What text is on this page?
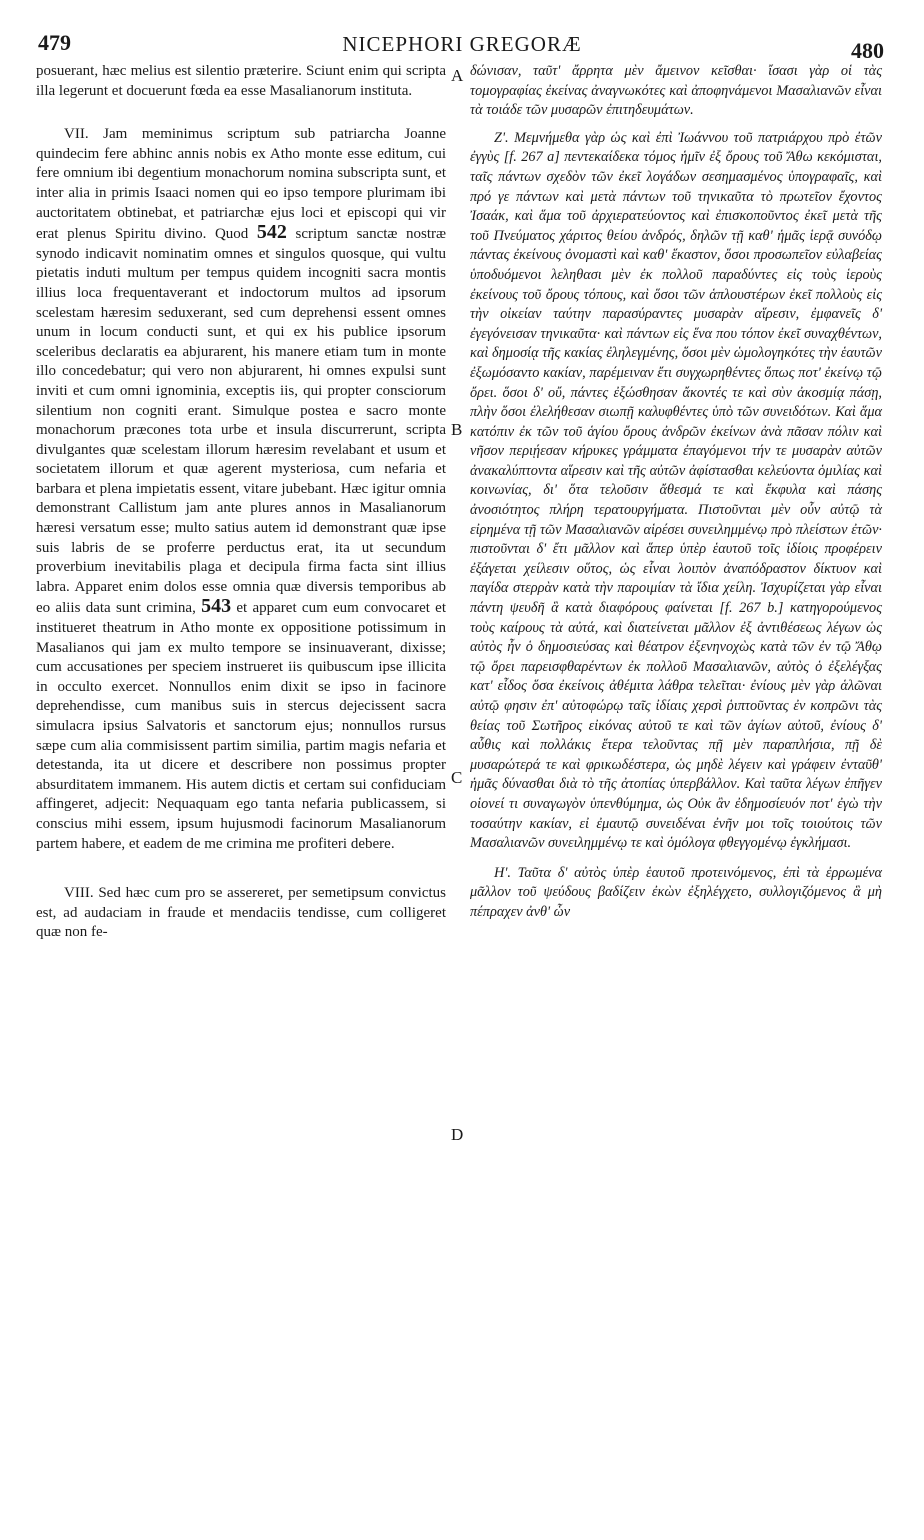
479	NICEPHORI GREGORÆ	480

posuerant, hæc melius est silentio præterire. Sciunt enim qui scripta illa legerunt et docuerunt fœda ea esse Masalianorum instituta.

VII. Jam meminimus scriptum sub patriarcha Joanne quindecim fere abhinc annis nobis ex Atho monte esse editum, cui fere omnium ibi degentium monachorum nomina subscripta sunt, et inter alia in primis Isaaci nomen qui eo ipso tempore plurimam ibi auctoritatem obtinebat, et patriarchæ ejus loci et episcopi qui vir erat plenus Spiritu divino. Quod 542 scriptum sanctæ nostræ synodo indicavit nominatim omnes et singulos quosque, qui vultu pietatis induti multum per tempus quidem incogniti sacra montis illius loca frequentaverant et indoctorum multos ad ipsorum scelestam hæresim seduxerant, sed cum deprehensi essent omnes unum in locum conducti sunt, et qui ex his publice ipsorum sceleribus declaratis ea abjurarent, his manere etiam tum in monte illo concedebatur; qui vero non abjurarent, hi omnes expulsi sunt inviti et cum omni ignominia, exceptis iis, qui propter consciorum silentium non cogniti erant. Simulque postea e sacro monte monachorum præcones tota urbe et insula discurrerunt, scripta divulgantes quæ scelestam illorum hæresim revelabant et usum et societatem illorum et quæ agerent mysteriosa, cum nefaria et barbara et plena impietatis essent, vitare jubebant. Hæc igitur omnia demonstrant Callistum jam ante plures annos in Masalianorum hæresi versatum esse; multo satius autem id demonstrant quæ ipse suis labris de se proferre perductus erat, ita ut secundum proverbium inevitabilis plaga et decipula firma facta sint illius labra. Apparet enim dolos esse omnia quæ diversis temporibus ab eo aliis data sunt crimina, 543 et apparet cum eum convocaret et institueret theatrum in Atho monte ex oppositione potissimum in Masalianos qui jam ex multo tempore se insinuaverant, dixisse; cum accusationes per speciem instrueret iis quibuscum ipse illicita in occulto exercet. Nonnullos enim dixit se ipso in facinore deprehendisse, cum manibus suis in stercus dejecissent sacra simulacra ipsius Salvatoris et sanctorum ejus; nonnullos rursus sæpe cum alia commisissent partim similia, partim magis nefaria et detestanda, ita ut dicere et describere non possimus propter absurditatem immanem. His autem dictis et certam sui confiduciam affingeret, adjecit: Nequaquam ego tanta nefaria publicassem, si conscius mihi essem, ipsum hujusmodi facinorum Masalianorum partem habere, et eadem de me crimina me profiteri debere.

VIII. Sed hæc cum pro se assereret, per semetipsum convictus est, ad audaciam in fraude et mendaciis tendisse, cum colligeret quæ non fe-

A
B
C
D

δώνισαν, ταῦτ' ἄρρητα μὲν ἄμεινον κεῖσθαι· ἴσασι γὰρ οἱ τὰς τομογραφίας ἐκείνας ἀναγνωκότες καὶ ἀποφηνάμενοι Μασαλιανῶν εἶναι τὰ τοιάδε τῶν μυσαρῶν ἐπιτηδευμάτων.

Ζ'. Μεμνήμεθα γὰρ ὡς καὶ ἐπὶ Ἰωάννου τοῦ πατριάρχου πρὸ ἐτῶν ἐγγὺς [f. 267 a] πεντεκαίδεκα τόμος ἡμῖν ἐξ ὄρους τοῦ Ἄθω κεκόμισται, ταῖς πάντων σχεδὸν τῶν ἐκεῖ λογάδων σεσημασμένος ὑπογραφαῖς, καὶ πρό γε πάντων καὶ μετὰ πάντων τοῦ τηνικαῦτα τὸ πρωτεῖον ἔχοντος Ἰσαάκ, καὶ ἅμα τοῦ ἀρχιερατεύοντος καὶ ἐπισκοποῦντος ἐκεῖ μετὰ τῆς τοῦ Πνεύματος χάριτος θείου ἀνδρός, δηλῶν τῇ καθ' ἡμᾶς ἱερᾷ συνόδῳ πάντας ἐκείνους ὀνομαστὶ καὶ καθ' ἕκαστον, ὅσοι προσωπεῖον εὐλαβείας ὑποδυόμενοι λεληθασι μὲν ἐκ πολλοῦ παραδύντες εἰς τοὺς ἱεροὺς ἐκείνους τοῦ ὄρους τόπους, καὶ ὅσοι τῶν ἁπλουστέρων ἐκεῖ πολλοὺς εἰς τὴν οἰκείαν ταύτην παρασύραντες μυσαρὰν αἵρεσιν, ἐμφανεῖς δ' ἐγεγόνεισαν τηνικαῦτα· καὶ πάντων εἰς ἕνα που τόπον ἐκεῖ συναχθέντων, καὶ δημοσίᾳ τῆς κακίας ἐληλεγμένης, ὅσοι μὲν ὡμολογηκότες τὴν ἑαυτῶν ἐξωμόσαντο κακίαν, παρέμειναν ἔτι συγχωρηθέντες ὅπως ποτ' ἐκείνῳ τῷ ὄρει. ὅσοι δ' οὔ, πάντες ἐξώσθησαν ἄκοντές τε καὶ σὺν ἀκοσμίᾳ πάσῃ, πλὴν ὅσοι ἐλελήθεσαν σιωπῇ καλυφθέντες ὑπὸ τῶν συνειδότων. Καὶ ἅμα κατόπιν ἐκ τῶν τοῦ ἁγίου ὄρους ἀνδρῶν ἐκείνων ἀνὰ πᾶσαν πόλιν καὶ νῆσον περιῄεσαν κήρυκες γράμματα ἐπαγόμενοι τήν τε μυσαρὰν αὐτῶν ἀνακαλύπτοντα αἵρεσιν καὶ τῆς αὐτῶν ἀφίστασθαι κελεύοντα ὁμιλίας καὶ κοινωνίας, δι' ὅτα τελοῦσιν ἄθεσμά τε καὶ ἔκφυλα καὶ πάσης ἀνοσιότητος πλήρη τερατουργήματα. Πιστοῦνται μὲν οὖν αὐτῷ τὰ εἰρημένα τῇ τῶν Μασαλιανῶν αἱρέσει συνειλημμένῳ πρὸ πλείστων ἐτῶν· πιστοῦνται δ' ἔτι μᾶλλον καὶ ἅπερ ὑπὲρ ἑαυτοῦ τοῖς ἰδίοις προφέρειν ἐξάγεται χείλεσιν οὕτος, ὡς εἶναι λοιπὸν ἀναπόδραστον δίκτυον καὶ παγίδα στερρὰν κατὰ τὴν παροιμίαν τὰ ἴδια χείλη. Ἰσχυρίζεται γὰρ εἶναι πάντη ψευδῆ ἃ κατὰ διαφόρους φαίνεται [f. 267 b.] κατηγορούμενος τοὺς καίρους τὰ αὐτά, καὶ διατείνεται μᾶλλον ἐξ ἀντιθέσεως λέγων ὡς αὐτὸς ἦν ὁ δημοσιεύσας καὶ θέατρον ἐξενηνοχὼς κατὰ τῶν ἐν τῷ Ἄθῳ τῷ ὄρει παρεισφθαρέντων ἐκ πολλοῦ Μασαλιανῶν, αὐτὸς ὁ ἐξελέγξας κατ' εἶδος ὅσα ἐκείνοις ἀθέμιτα λάθρα τελεῖται· ἐνίους μὲν γὰρ ἁλῶναι αὐτῷ φησιν ἐπ' αὐτοφώρῳ ταῖς ἰδίαις χερσὶ ῥιπτοῦντας ἐν κοπρῶνι τὰς θείας τοῦ Σωτῆρος εἰκόνας αὐτοῦ τε καὶ τῶν ἁγίων αὐτοῦ, ἐνίους δ' αὖθις καὶ πολλάκις ἕτερα τελοῦντας πῇ μὲν παραπλήσια, πῇ δὲ μυσαρώτερά τε καὶ φρικωδέστερα, ὡς μηδὲ λέγειν καὶ γράφειν ἐνταῦθ' ἡμᾶς δύνασθαι διὰ τὸ τῆς ἀτοπίας ὑπερβάλλον. Καὶ ταῦτα λέγων ἐπῆγεν οἱονεί τι συναγωγὸν ὑπενθύμημα, ὡς Οὐκ ἂν ἐδημοσίευόν ποτ' ἐγὼ τὴν τοσαύτην κακίαν, εἰ ἐμαυτῷ συνειδέναι ἐνῆν μοι τοῖς τοιούτοις τῶν Μασαλιανῶν συνειλημμένῳ τε καὶ ὁμόλογα φθεγγομένῳ ἐγκλήμασι.

Η'. Ταῦτα δ' αὐτὸς ὑπὲρ ἑαυτοῦ προτεινόμενος, ἐπὶ τὰ ἐρρωμένα μᾶλλον τοῦ ψεύδους βαδίζειν ἐκὼν ἐξηλέγχετο, συλλογιζόμενος ἃ μὴ πέπραχεν ἀνθ' ὧν
